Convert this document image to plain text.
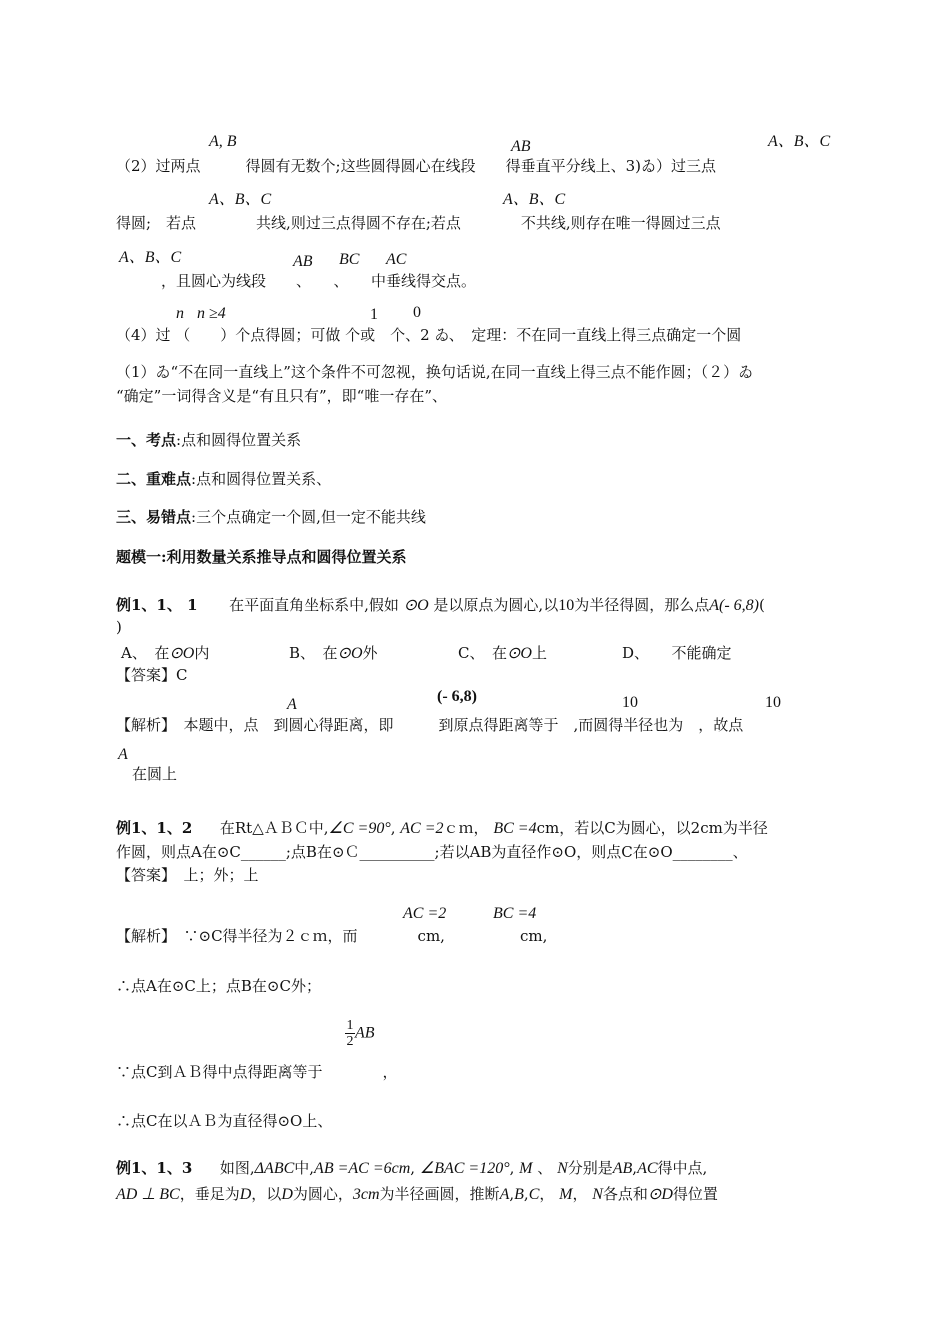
A, B	AB	A、B、C
（2）过两点　　　得圆有无数个;这些圆得圆心在线段　　得垂直平分线上、3)ゐ）过三点
A、B、C	A、B、C
得圆;　若点　　　　共线,则过三点得圆不存在;若点　　　　不共线,则存在唯一得圆过三点
A、B、C	AB BC AC
　　　，且圆心为线段　　、　　、　　中垂线得交点。
n n ≥4	1 0
（4）过 （　　）个点得圆；可做 个或　个、2 ゐ、　定理：不在同一直线上得三点确定一个圆
（1）ゐ“不在同一直线上”这个条件不可忽视，换句话说,在同一直线上得三点不能作圆；（２）ゐ
“确定”一词得含义是“有且只有”，即“唯一存在”、
一、考点:点和圆得位置关系
二、重难点:点和圆得位置关系、
三、易错点:三个点确定一个圆,但一定不能共线
题模一:利用数量关系推导点和圆得位置关系
例1、1、 1 在平面直角坐标系中,假如 ⊙O 是以原点为圆心,以10为半径得圆，那么点A(- 6,8)(
)
A、　在⊙O内	B、　在⊙O外	C、　在⊙O上	D、　　不能确定
【答案】C
A	(- 6,8)	10	10
【解析】　本题中，点　到圆心得距离，即　　　到原点得距离等于　,而圆得半径也为　，故点
A
在圆上
例1、1、2 在Rt△ＡＢＣ中,∠C =90°, AC =2ｃｍ， BC =4cm，若以C为圆心，以2cm为半径
作圆，则点A在⊙C______;点B在⊙Ｃ__________;若以AB为直径作⊙O，则点C在⊙O________、
【答案】　上；外；上
AC =2	BC =4
【解析】　∵⊙C得半径为２ｃｍ，而　　　　cm,　　　　　cm,
∴点A在⊙C上；点B在⊙C外；
$\frac{1}{2}$ AB
∵点C到ＡＢ得中点得距离等于　　　　，
∴点C在以ＡＢ为直径得⊙O上、
例1、1、3 如图,ΔABC中,AB =AC =6cm, ∠BAC =120°, M 、 N分别是AB,AC得中点,
AD ⊥ BC，垂足为D，以D为圆心，3cm为半径画圆，推断A,B,C， M， N各点和⊙D得位置
